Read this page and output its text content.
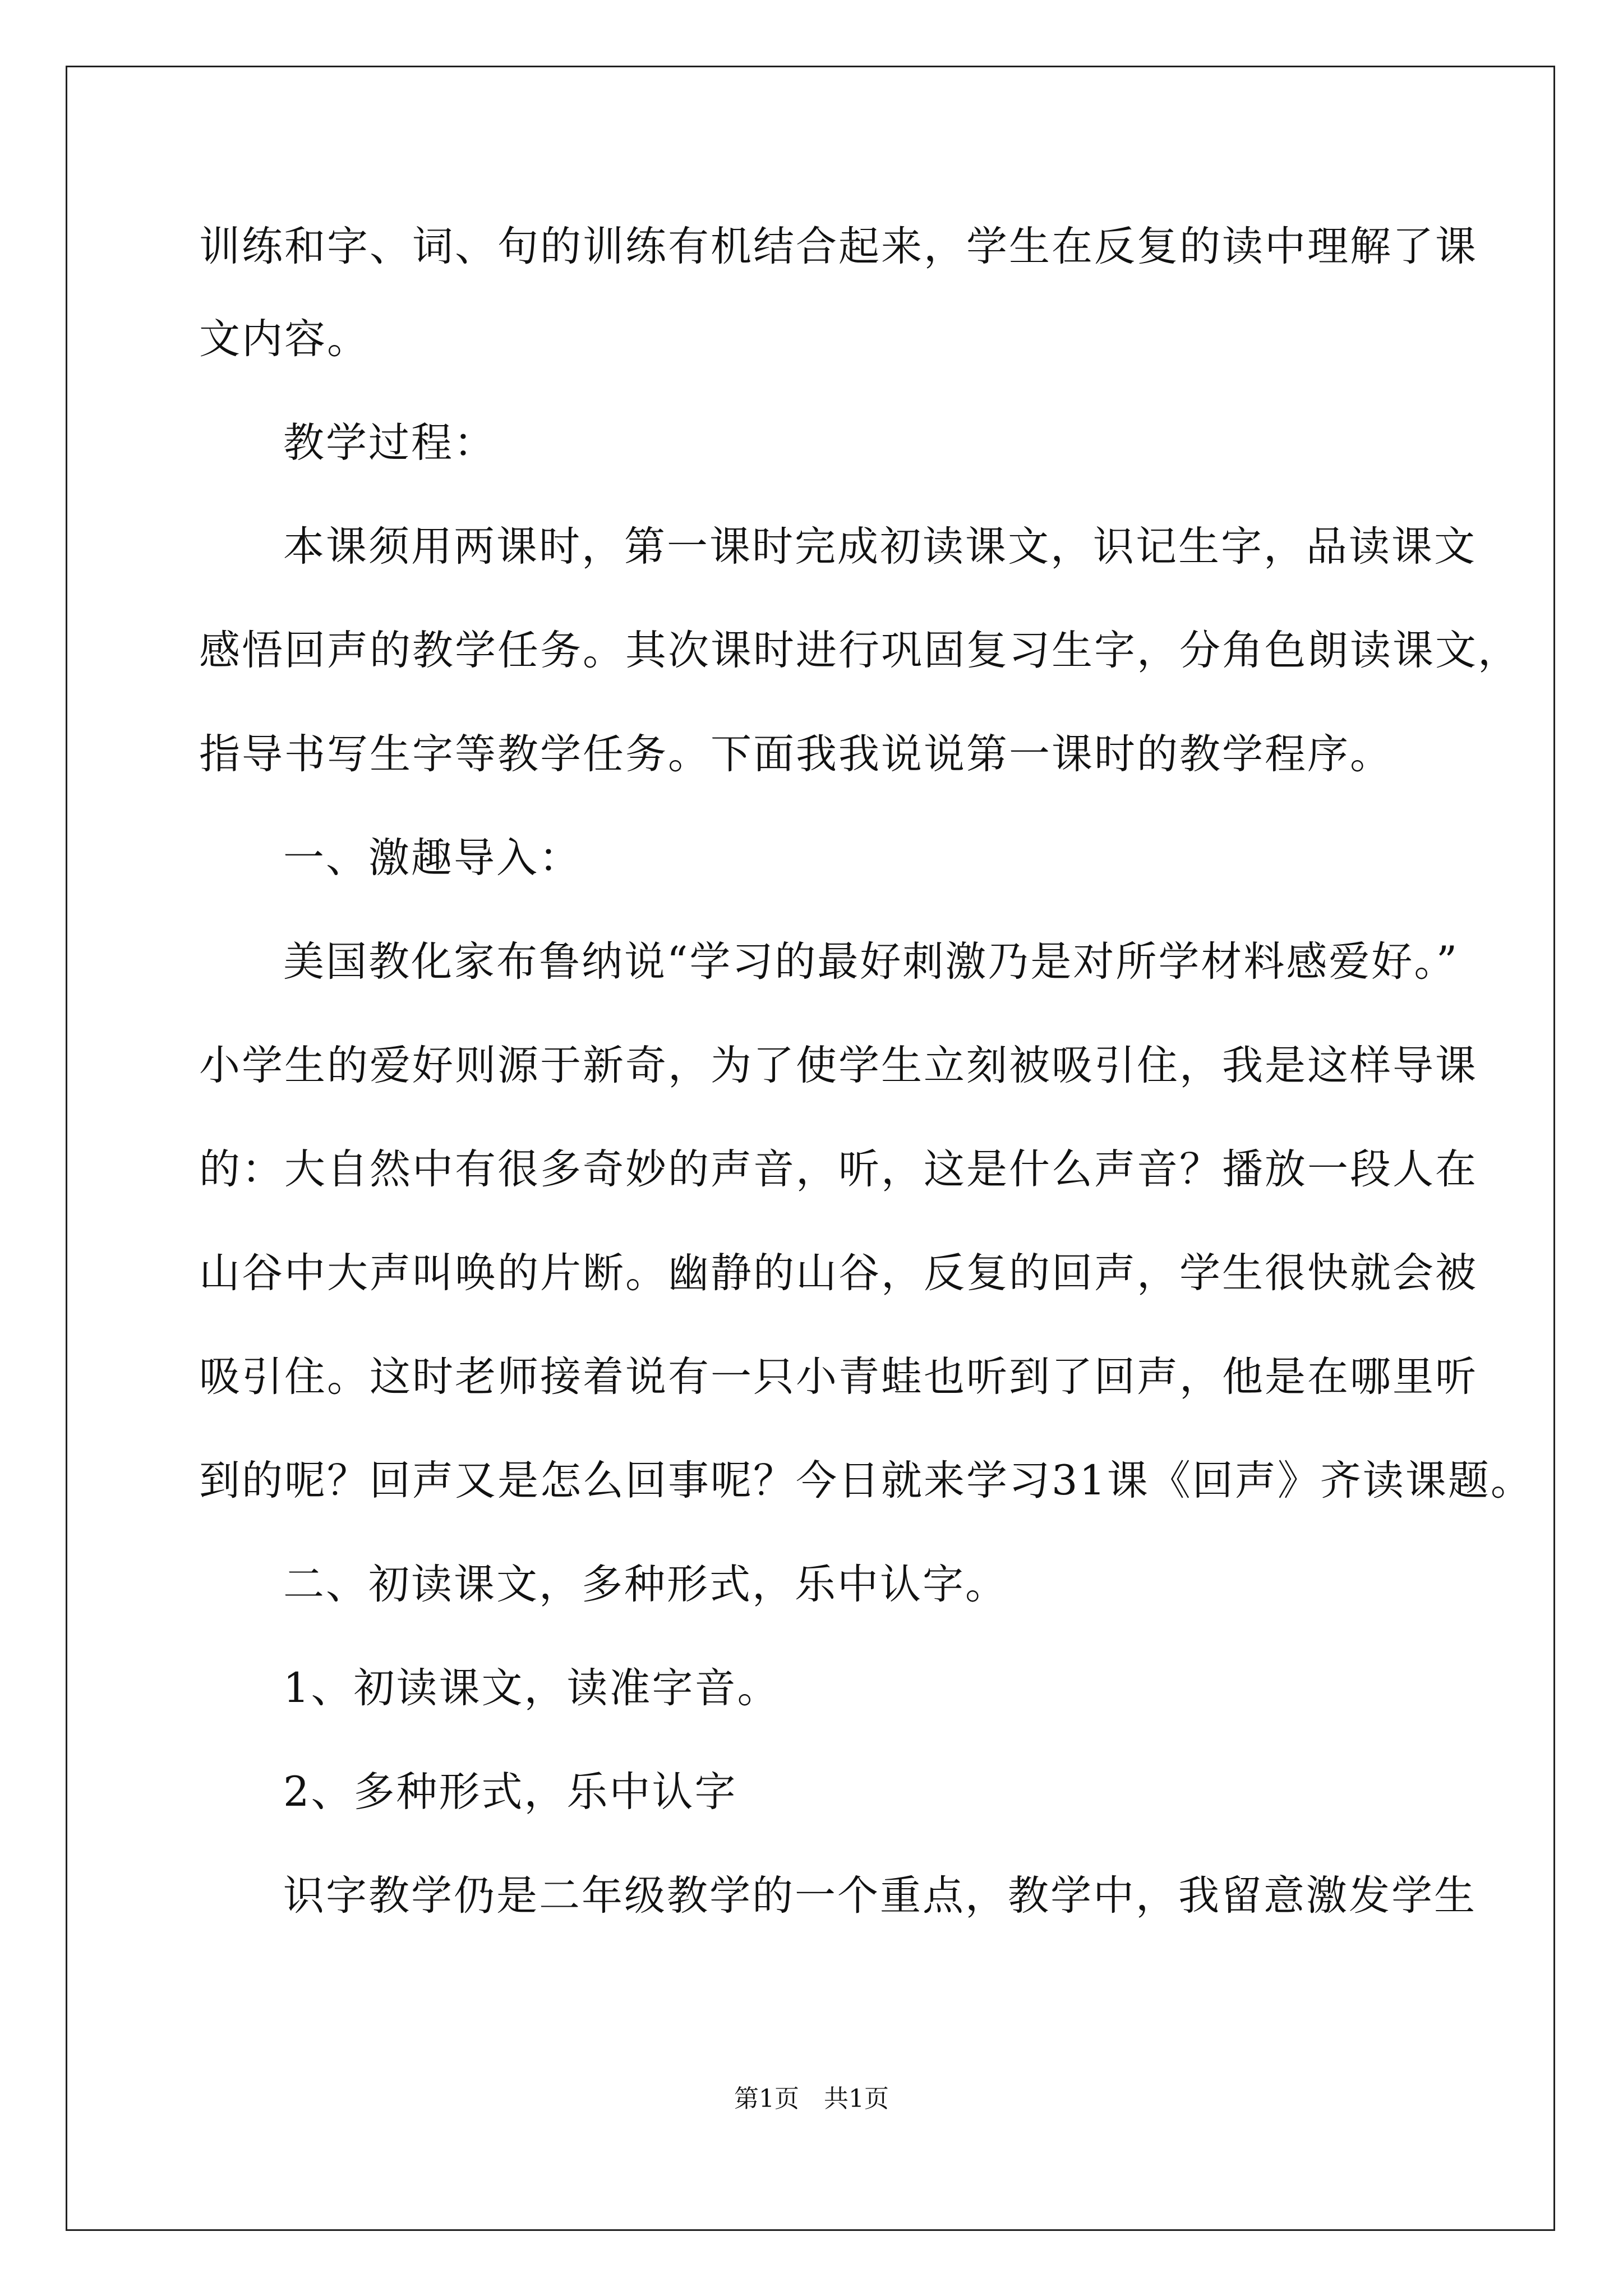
训练和字、词、句的训练有机结合起来，学生在反复的读中理解了课
文内容。
教学过程：
本课须用两课时，第一课时完成初读课文，识记生字，品读课文
感悟回声的教学任务。其次课时进行巩固复习生字，分角色朗读课文，
指导书写生字等教学任务。下面我我说说第一课时的教学程序。
一、激趣导入：
美国教化家布鲁纳说“学习的最好刺激乃是对所学材料感爱好。”
小学生的爱好则源于新奇，为了使学生立刻被吸引住，我是这样导课
的：大自然中有很多奇妙的声音，听，这是什么声音？播放一段人在
山谷中大声叫唤的片断。幽静的山谷，反复的回声，学生很快就会被
吸引住。这时老师接着说有一只小青蛙也听到了回声，他是在哪里听
到的呢？回声又是怎么回事呢？今日就来学习31课《回声》齐读课题。
二、初读课文，多种形式，乐中认字。
1、初读课文，读准字音。
2、多种形式，乐中认字
识字教学仍是二年级教学的一个重点，教学中，我留意激发学生
第1页　共1页
